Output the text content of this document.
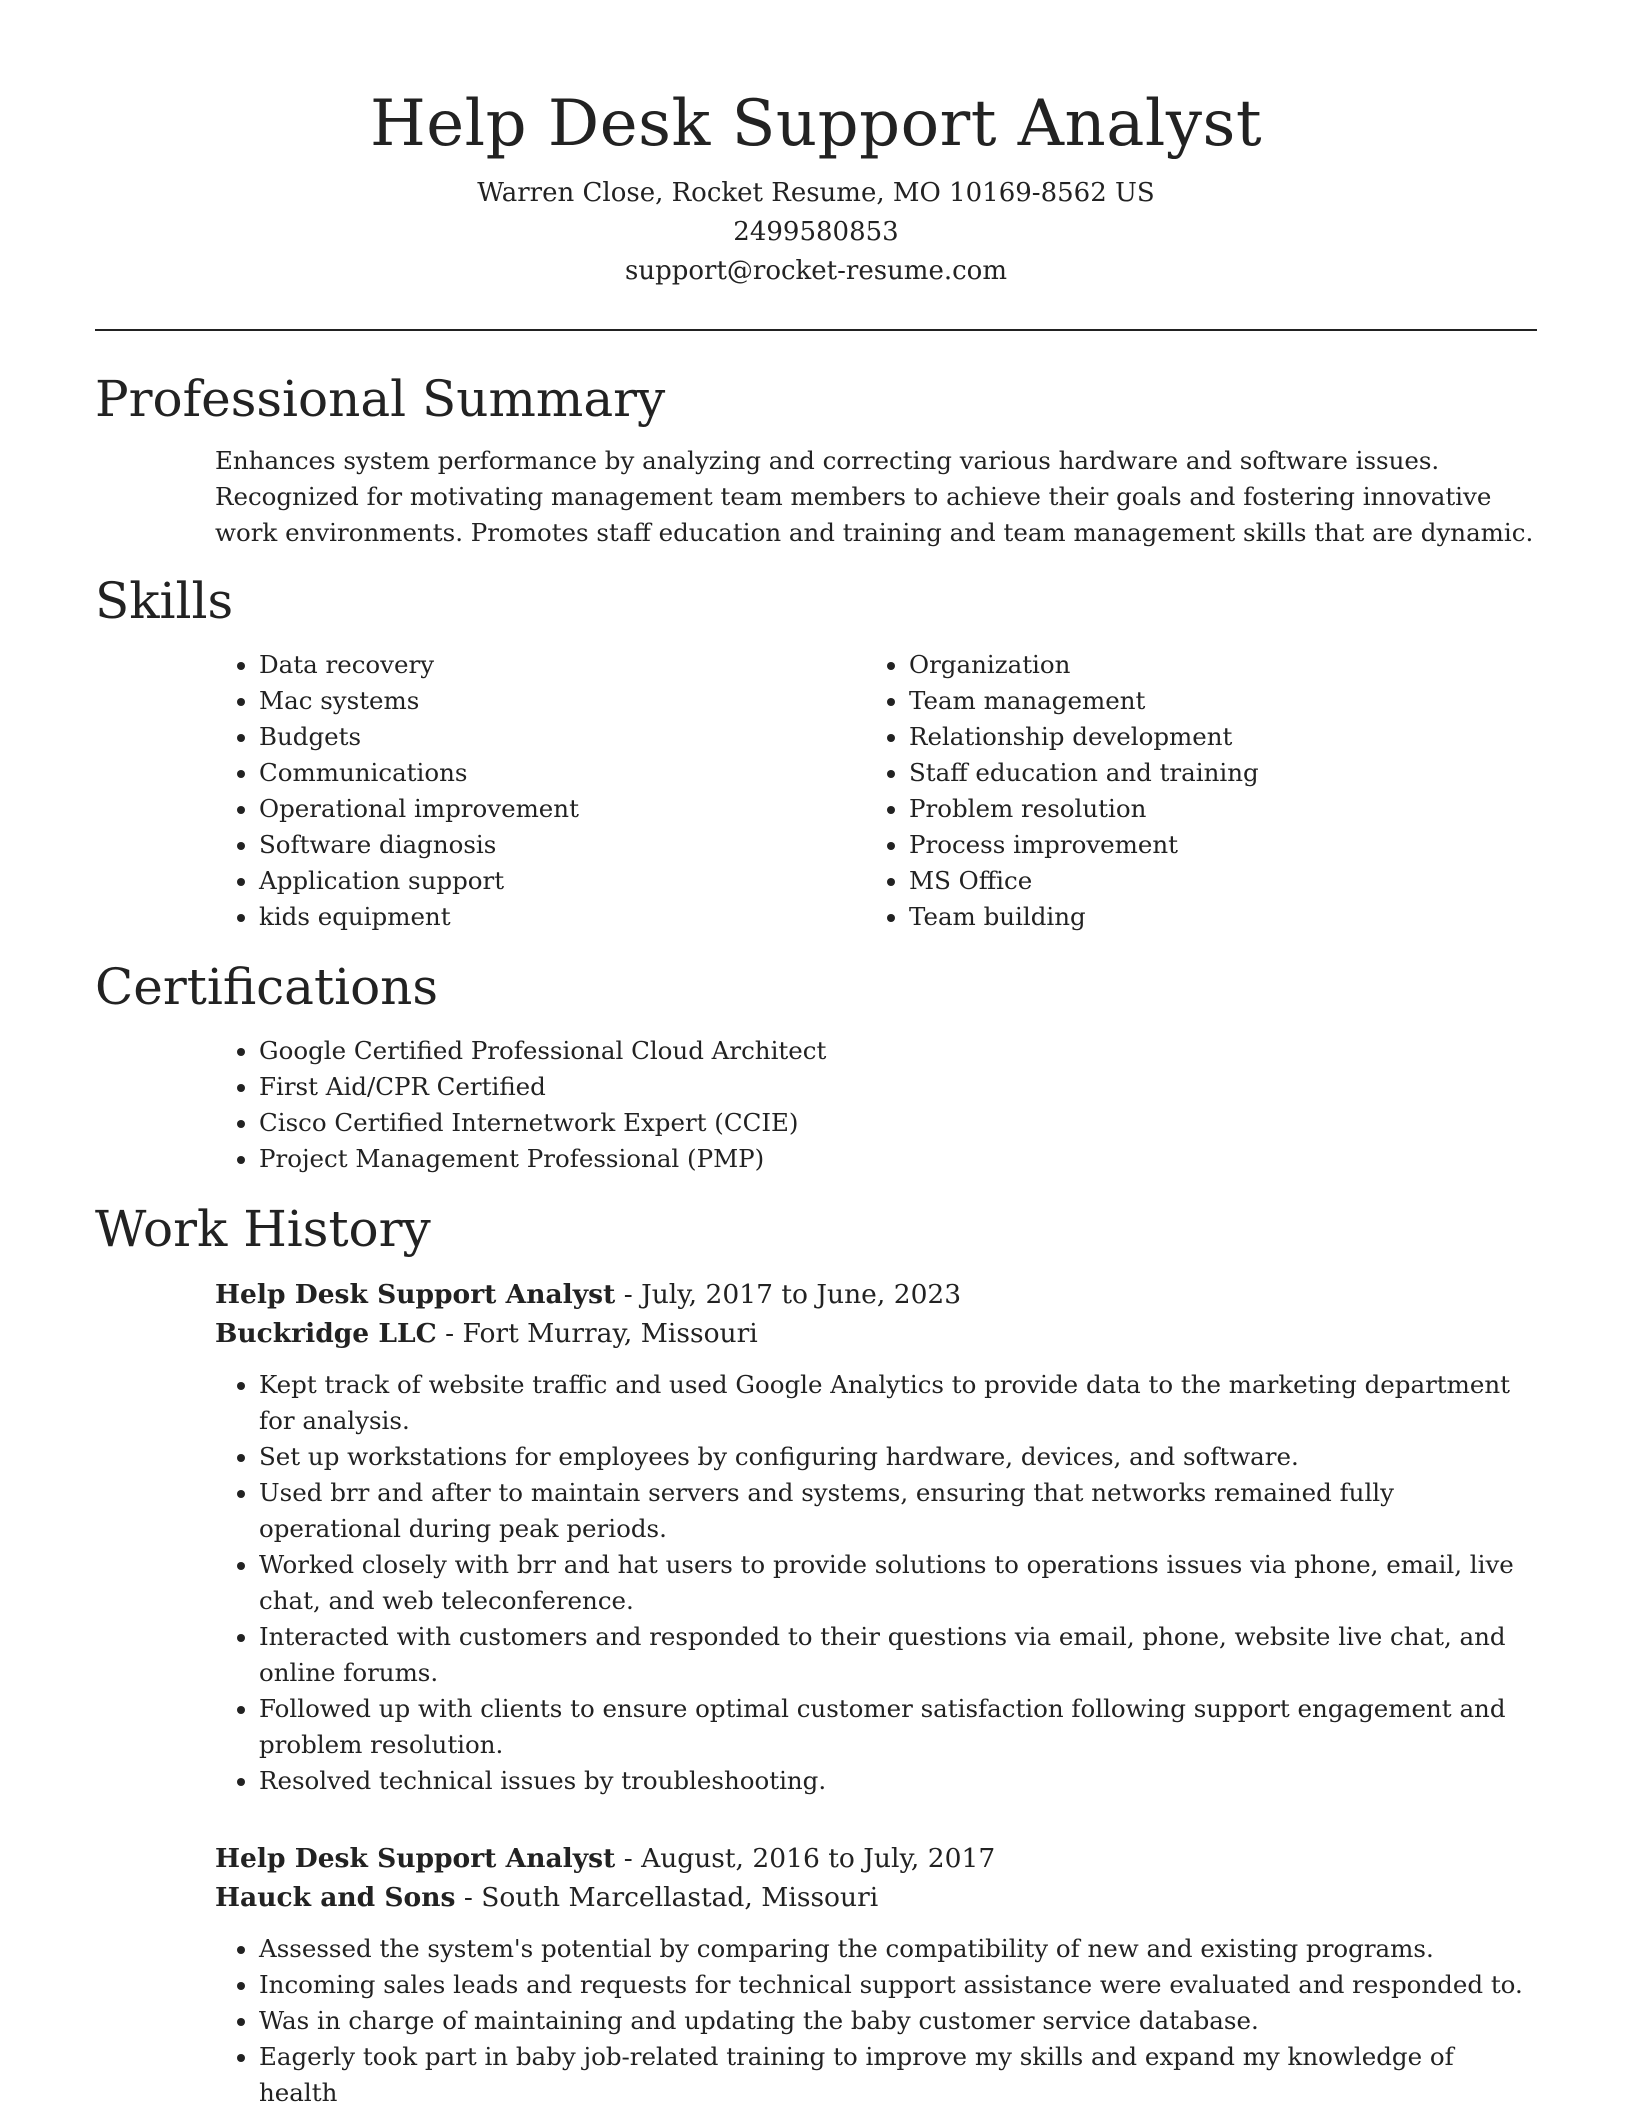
Help Desk Support Analyst
Warren Close, Rocket Resume, MO 10169-8562 US
2499580853
support@rocket-resume.com
Professional Summary

Enhances system performance by analyzing and correcting various hardware and software issues. Recognized for motivating management team members to achieve their goals and fostering innovative work environments. Promotes staff education and training and team management skills that are dynamic.

Skills
• Data recovery
• Mac systems
• Budgets
• Communications
• Operational improvement
• Software diagnosis
• Application support
• kids equipment
• Organization
• Team management
• Relationship development
• Staff education and training
• Problem resolution
• Process improvement
• MS Office
• Team building
Certifications
• Google Certified Professional Cloud Architect
• First Aid/CPR Certified
• Cisco Certified Internetwork Expert (CCIE)
• Project Management Professional (PMP)
Work History
Help Desk Support Analyst - July, 2017 to June, 2023
Buckridge LLC - Fort Murray, Missouri
• Kept track of website traffic and used Google Analytics to provide data to the marketing department for analysis.
• Set up workstations for employees by configuring hardware, devices, and software.
• Used brr and after to maintain servers and systems, ensuring that networks remained fully operational during peak periods.
• Worked closely with brr and hat users to provide solutions to operations issues via phone, email, live chat, and web teleconference.
• Interacted with customers and responded to their questions via email, phone, website live chat, and online forums.
• Followed up with clients to ensure optimal customer satisfaction following support engagement and problem resolution.
• Resolved technical issues by troubleshooting.
Help Desk Support Analyst - August, 2016 to July, 2017
Hauck and Sons - South Marcellastad, Missouri
• Assessed the system's potential by comparing the compatibility of new and existing programs.
• Incoming sales leads and requests for technical support assistance were evaluated and responded to.
• Was in charge of maintaining and updating the baby customer service database.
• Eagerly took part in baby job-related training to improve my skills and expand my knowledge of health
